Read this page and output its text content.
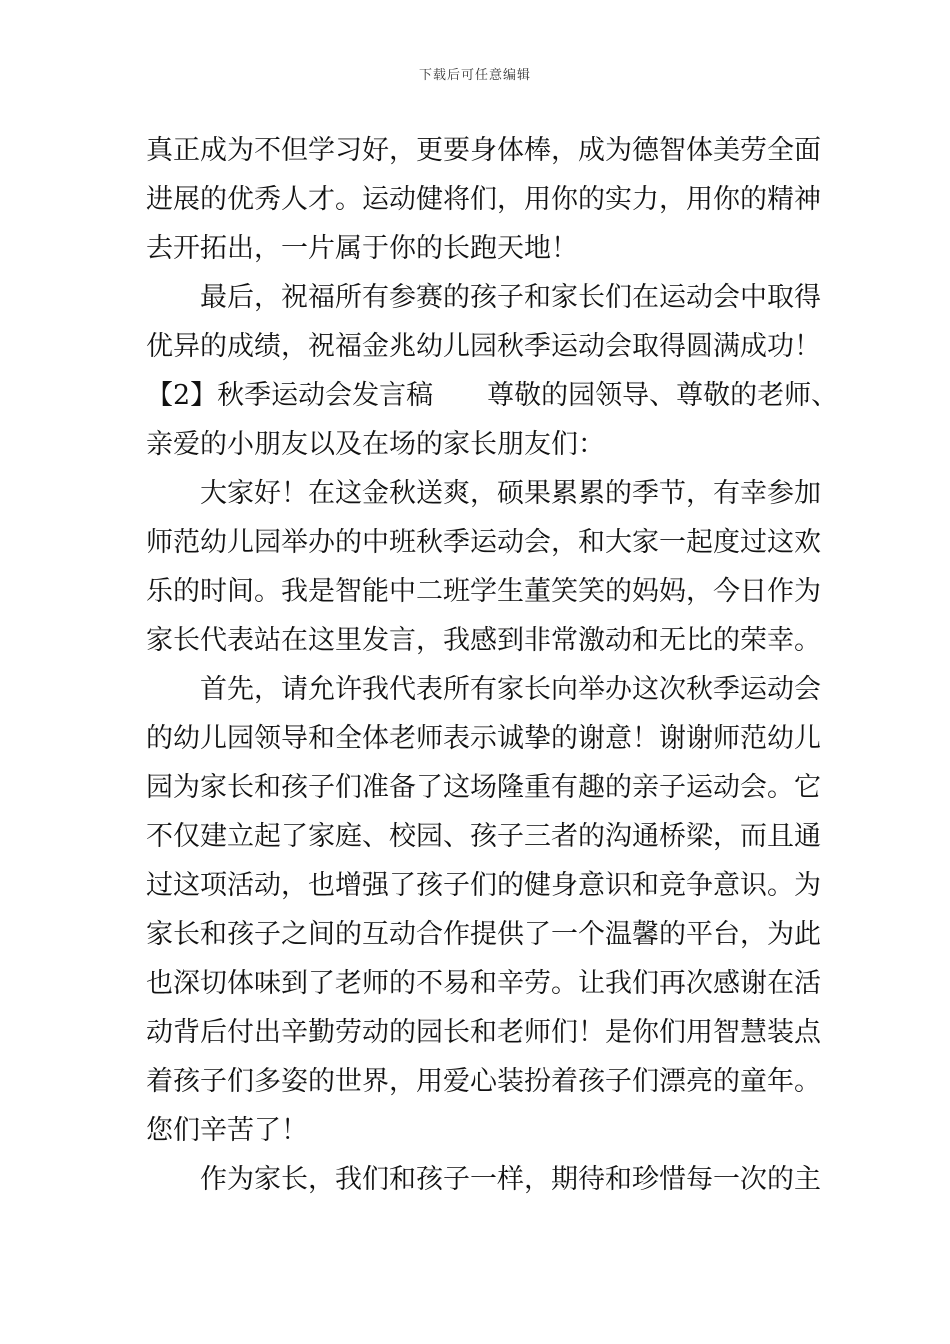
下载后可任意编辑
真正成为不但学习好，更要身体棒，成为德智体美劳全面
进展的优秀人才。运动健将们，用你的实力，用你的精神
去开拓出，一片属于你的长跑天地！
最后，祝福所有参赛的孩子和家长们在运动会中取得
优异的成绩，祝福金兆幼儿园秋季运动会取得圆满成功！
【2】秋季运动会发言稿　　尊敬的园领导、尊敬的老师、
亲爱的小朋友以及在场的家长朋友们：
大家好！在这金秋送爽，硕果累累的季节，有幸参加
师范幼儿园举办的中班秋季运动会，和大家一起度过这欢
乐的时间。我是智能中二班学生董笑笑的妈妈，今日作为
家长代表站在这里发言，我感到非常激动和无比的荣幸。
首先，请允许我代表所有家长向举办这次秋季运动会
的幼儿园领导和全体老师表示诚挚的谢意！谢谢师范幼儿
园为家长和孩子们准备了这场隆重有趣的亲子运动会。它
不仅建立起了家庭、校园、孩子三者的沟通桥梁，而且通
过这项活动，也增强了孩子们的健身意识和竞争意识。为
家长和孩子之间的互动合作提供了一个温馨的平台，为此
也深切体味到了老师的不易和辛劳。让我们再次感谢在活
动背后付出辛勤劳动的园长和老师们！是你们用智慧装点
着孩子们多姿的世界，用爱心装扮着孩子们漂亮的童年。
您们辛苦了！
作为家长，我们和孩子一样，期待和珍惜每一次的主
